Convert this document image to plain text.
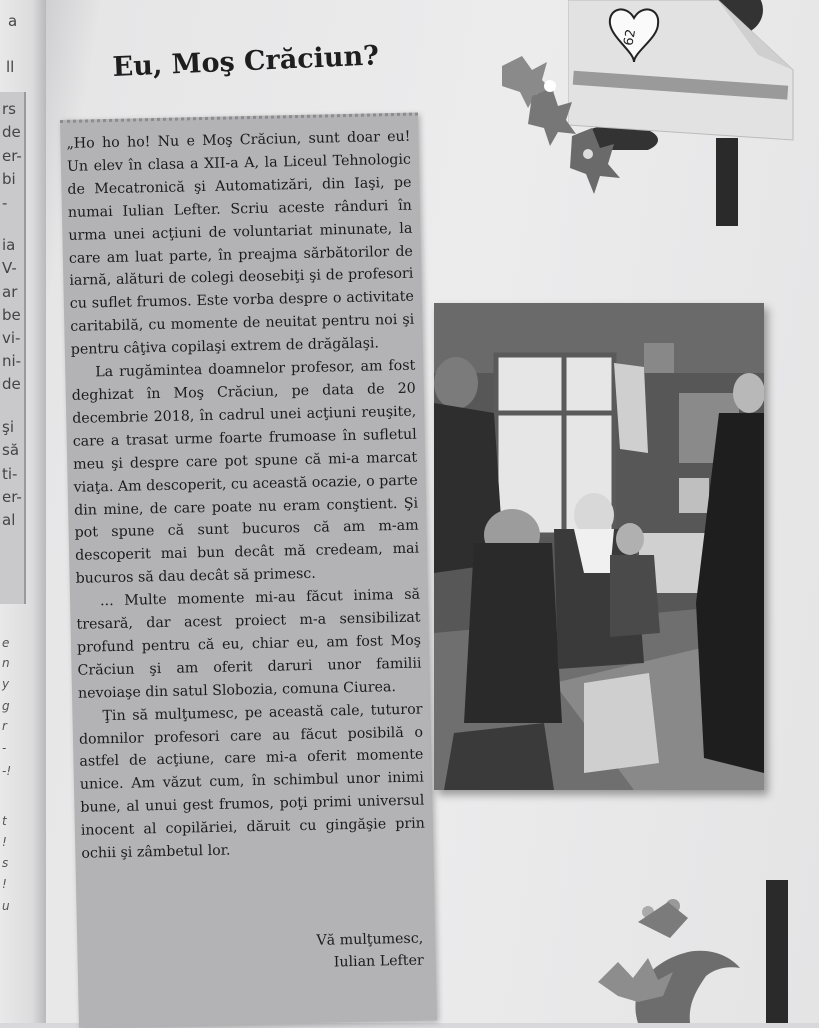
a
ll
rs
de
er-
bi
-
ia
V-
ar
be
vi-
ni-
de
şi
să
ti-
er-
al
e
n
y
g
r
-
-!
t
!
s
!
u
62
Eu, Moş Crăciun?

„Ho ho ho! Nu e Moş Crăciun, sunt doar eu! Un elev în clasa a XII-a A, la Liceul Tehnologic de Mecatronică şi Automatizări, din Iaşi, pe numai Iulian Lefter. Scriu aceste rânduri în urma unei acţiuni de voluntariat minunate, la care am luat parte, în preajma sărbătorilor de iarnă, alături de colegi deosebiţi şi de profesori cu suflet frumos. Este vorba despre o activitate caritabilă, cu momente de neuitat pentru noi şi pentru câţiva copilaşi extrem de drăgălaşi.

La rugămintea doamnelor profesor, am fost deghizat în Moş Crăciun, pe data de 20 decembrie 2018, în cadrul unei acţiuni reuşite, care a trasat urme foarte frumoase în sufletul meu şi despre care pot spune că mi-a marcat viaţa. Am descoperit, cu această ocazie, o parte din mine, de care poate nu eram conştient. Şi pot spune că sunt bucuros că am m-am descoperit mai bun decât mă credeam, mai bucuros să dau decât să primesc.

... Multe momente mi-au făcut inima să tresară, dar acest proiect m-a sensibilizat profund pentru că eu, chiar eu, am fost Moş Crăciun şi am oferit daruri unor familii nevoiaşe din satul Slobozia, comuna Ciurea.

Ţin să mulţumesc, pe această cale, tuturor domnilor profesori care au făcut posibilă o astfel de acţiune, care mi-a oferit momente unice. Am văzut cum, în schimbul unor inimi bune, al unui gest frumos, poţi primi universul inocent al copilăriei, dăruit cu gingăşie prin ochii şi zâmbetul lor.

Vă mulţumesc,
Iulian Lefter
